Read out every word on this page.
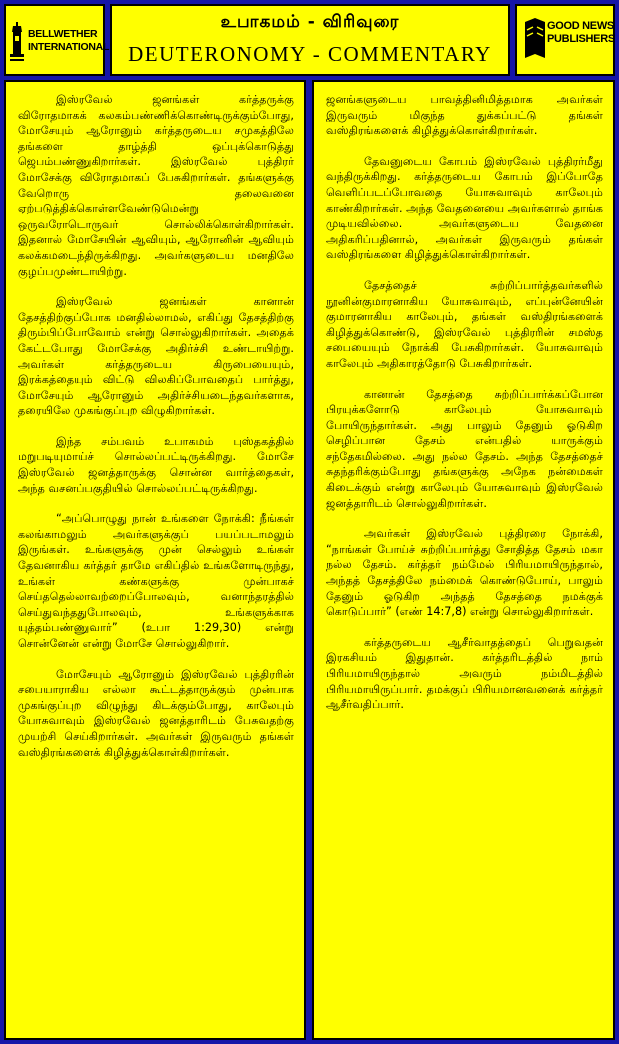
BELLWETHER
INTERNATIONAL
உபாகமம் - விரிவுரை
DEUTERONOMY - COMMENTARY
GOOD NEWS
PUBLISHERS

இஸ்ரவேல் ஜனங்கள் கர்த்தருக்கு விரோதமாகக் கலகம்பண்ணிக்கொண்டிருக்கும்போது, மோசேயும் ஆரோனும் கர்த்தருடைய சமுகத்திலே தங்களை தாழ்த்தி ஒப்புக்கொடுத்து ஜெபம்பண்ணுகிறார்கள். இஸ்ரவேல் புத்திரர் மோசேக்கு விரோதமாகப் பேசுகிறார்கள். தங்களுக்கு வேறொரு தலைவனை ஏற்படுத்திக்கொள்ளவேண்டுமென்று ஒருவரோடொருவர் சொல்லிக்கொள்கிறார்கள். இதனால் மோசேயின் ஆவியும், ஆரோனின் ஆவியும் கலக்கமடைந்திருக்கிறது. அவர்களுடைய மனதிலே குழப்பமுண்டாயிற்று.

இஸ்ரவேல் ஜனங்கள் கானான் தேசத்திற்குப்போக மனதில்லாமல், எகிப்து தேசத்திற்கு திரும்பிப்போவோம் என்று சொல்லுகிறார்கள். அதைக் கேட்டபோது மோசேக்கு அதிர்ச்சி உண்டாயிற்று. அவர்கள் கர்த்தருடைய கிருபையையும், இரக்கத்தையும் விட்டு விலகிப்போவதைப் பார்த்து, மோசேயும் ஆரோனும் அதிர்ச்சியடைந்தவர்களாக, தரையிலே முகங்குப்புற விழுகிறார்கள்.

இந்த சம்பவம் உபாகமம் புஸ்தகத்தில் மறுபடியுமாய்ச் சொல்லப்பட்டிருக்கிறது. மோசே இஸ்ரவேல் ஜனத்தாருக்கு சொன்ன வார்த்தைகள், அந்த வசனப்பகுதியில் சொல்லப்பட்டிருக்கிறது.

“அப்பொழுது நான் உங்களை நோக்கி: நீங்கள் கலங்காமலும் அவர்களுக்குப் பயப்படாமலும் இருங்கள். உங்களுக்கு முன் செல்லும் உங்கள் தேவனாகிய கர்த்தர் தாமே எகிப்தில் உங்களோடிருந்து, உங்கள் கண்களுக்கு முன்பாகச் செய்ததெல்லாவற்றைப்போலவும், வனாந்தரத்தில் செய்துவந்ததுபோலவும், உங்களுக்காக யுத்தம்பண்ணுவார்” (உபா 1:29,30) என்று சொன்னேன் என்று மோசே சொல்லுகிறார்.

மோசேயும் ஆரோனும் இஸ்ரவேல் புத்திரரின் சபையாராகிய எல்லா கூட்டத்தாருக்கும் முன்பாக முகங்குப்புற விழுந்து கிடக்கும்போது, காலேபும் யோசுவாவும் இஸ்ரவேல் ஜனத்தாரிடம் பேசுவதற்கு முயற்சி செய்கிறார்கள். அவர்கள் இருவரும் தங்கள் வஸ்திரங்களைக் கிழித்துக்கொள்கிறார்கள்.

ஜனங்களுடைய பாவத்தினிமித்தமாக அவர்கள் இருவரும் மிகுந்த துக்கப்பட்டு தங்கள் வஸ்திரங்களைக் கிழித்துக்கொள்கிறார்கள்.

தேவனுடைய கோபம் இஸ்ரவேல் புத்திரர்மீது வந்திருக்கிறது. கர்த்தருடைய கோபம் இப்போதே வெளிப்படப்போவதை யோசுவாவும் காலேபும் காண்கிறார்கள். அந்த வேதனையை அவர்களால் தாங்க முடியவில்லை. அவர்களுடைய வேதனை அதிகரிப்பதினால், அவர்கள் இருவரும் தங்கள் வஸ்திரங்களை கிழித்துக்கொள்கிறார்கள்.

தேசத்தைச் சுற்றிப்பார்த்தவர்களில் நூனின்குமாரனாகிய யோசுவாவும், எப்புன்னேயின் குமாரனாகிய காலேபும், தங்கள் வஸ்திரங்களைக் கிழித்துக்கொண்டு, இஸ்ரவேல் புத்திரரின் சமஸ்த சபையையும் நோக்கி பேசுகிறார்கள். யோசுவாவும் காலேபும் அதிகாரத்தோடு பேசுகிறார்கள்.

கானான் தேசத்தை சுற்றிப்பார்க்கப்போன பிரயுக்களோடு காலேபும் யோசுவாவும் போயிருந்தார்கள். அது பாலும் தேனும் ஓடுகிற செழிப்பான தேசம் என்பதில் யாருக்கும் சந்தேகமில்லை. அது நல்ல தேசம். அந்த தேசத்தைச் சுதந்தரிக்கும்போது தங்களுக்கு அநேக நன்மைகள் கிடைக்கும் என்று காலேபும் யோசுவாவும் இஸ்ரவேல் ஜனத்தாரிடம் சொல்லுகிறார்கள்.

அவர்கள் இஸ்ரவேல் புத்திரரை நோக்கி, “நாங்கள் போய்ச் சுற்றிப்பார்த்து சோதித்த தேசம் மகா நல்ல தேசம். கர்த்தர் நம்மேல் பிரியமாயிருந்தால், அந்தத் தேசத்திலே நம்மைக் கொண்டுபோய், பாலும் தேனும் ஓடுகிற அந்தத் தேசத்தை நமக்குக் கொடுப்பார்” (எண் 14:7,8) என்று சொல்லுகிறார்கள்.

கர்த்தருடைய ஆசீர்வாதத்தைப் பெறுவதன் இரகசியம் இதுதான். கர்த்தரிடத்தில் நாம் பிரியமாயிருந்தால் அவரும் நம்மிடத்தில் பிரியமாயிருப்பார். தமக்குப் பிரியமானவனைக் கர்த்தர் ஆசீர்வதிப்பார்.
